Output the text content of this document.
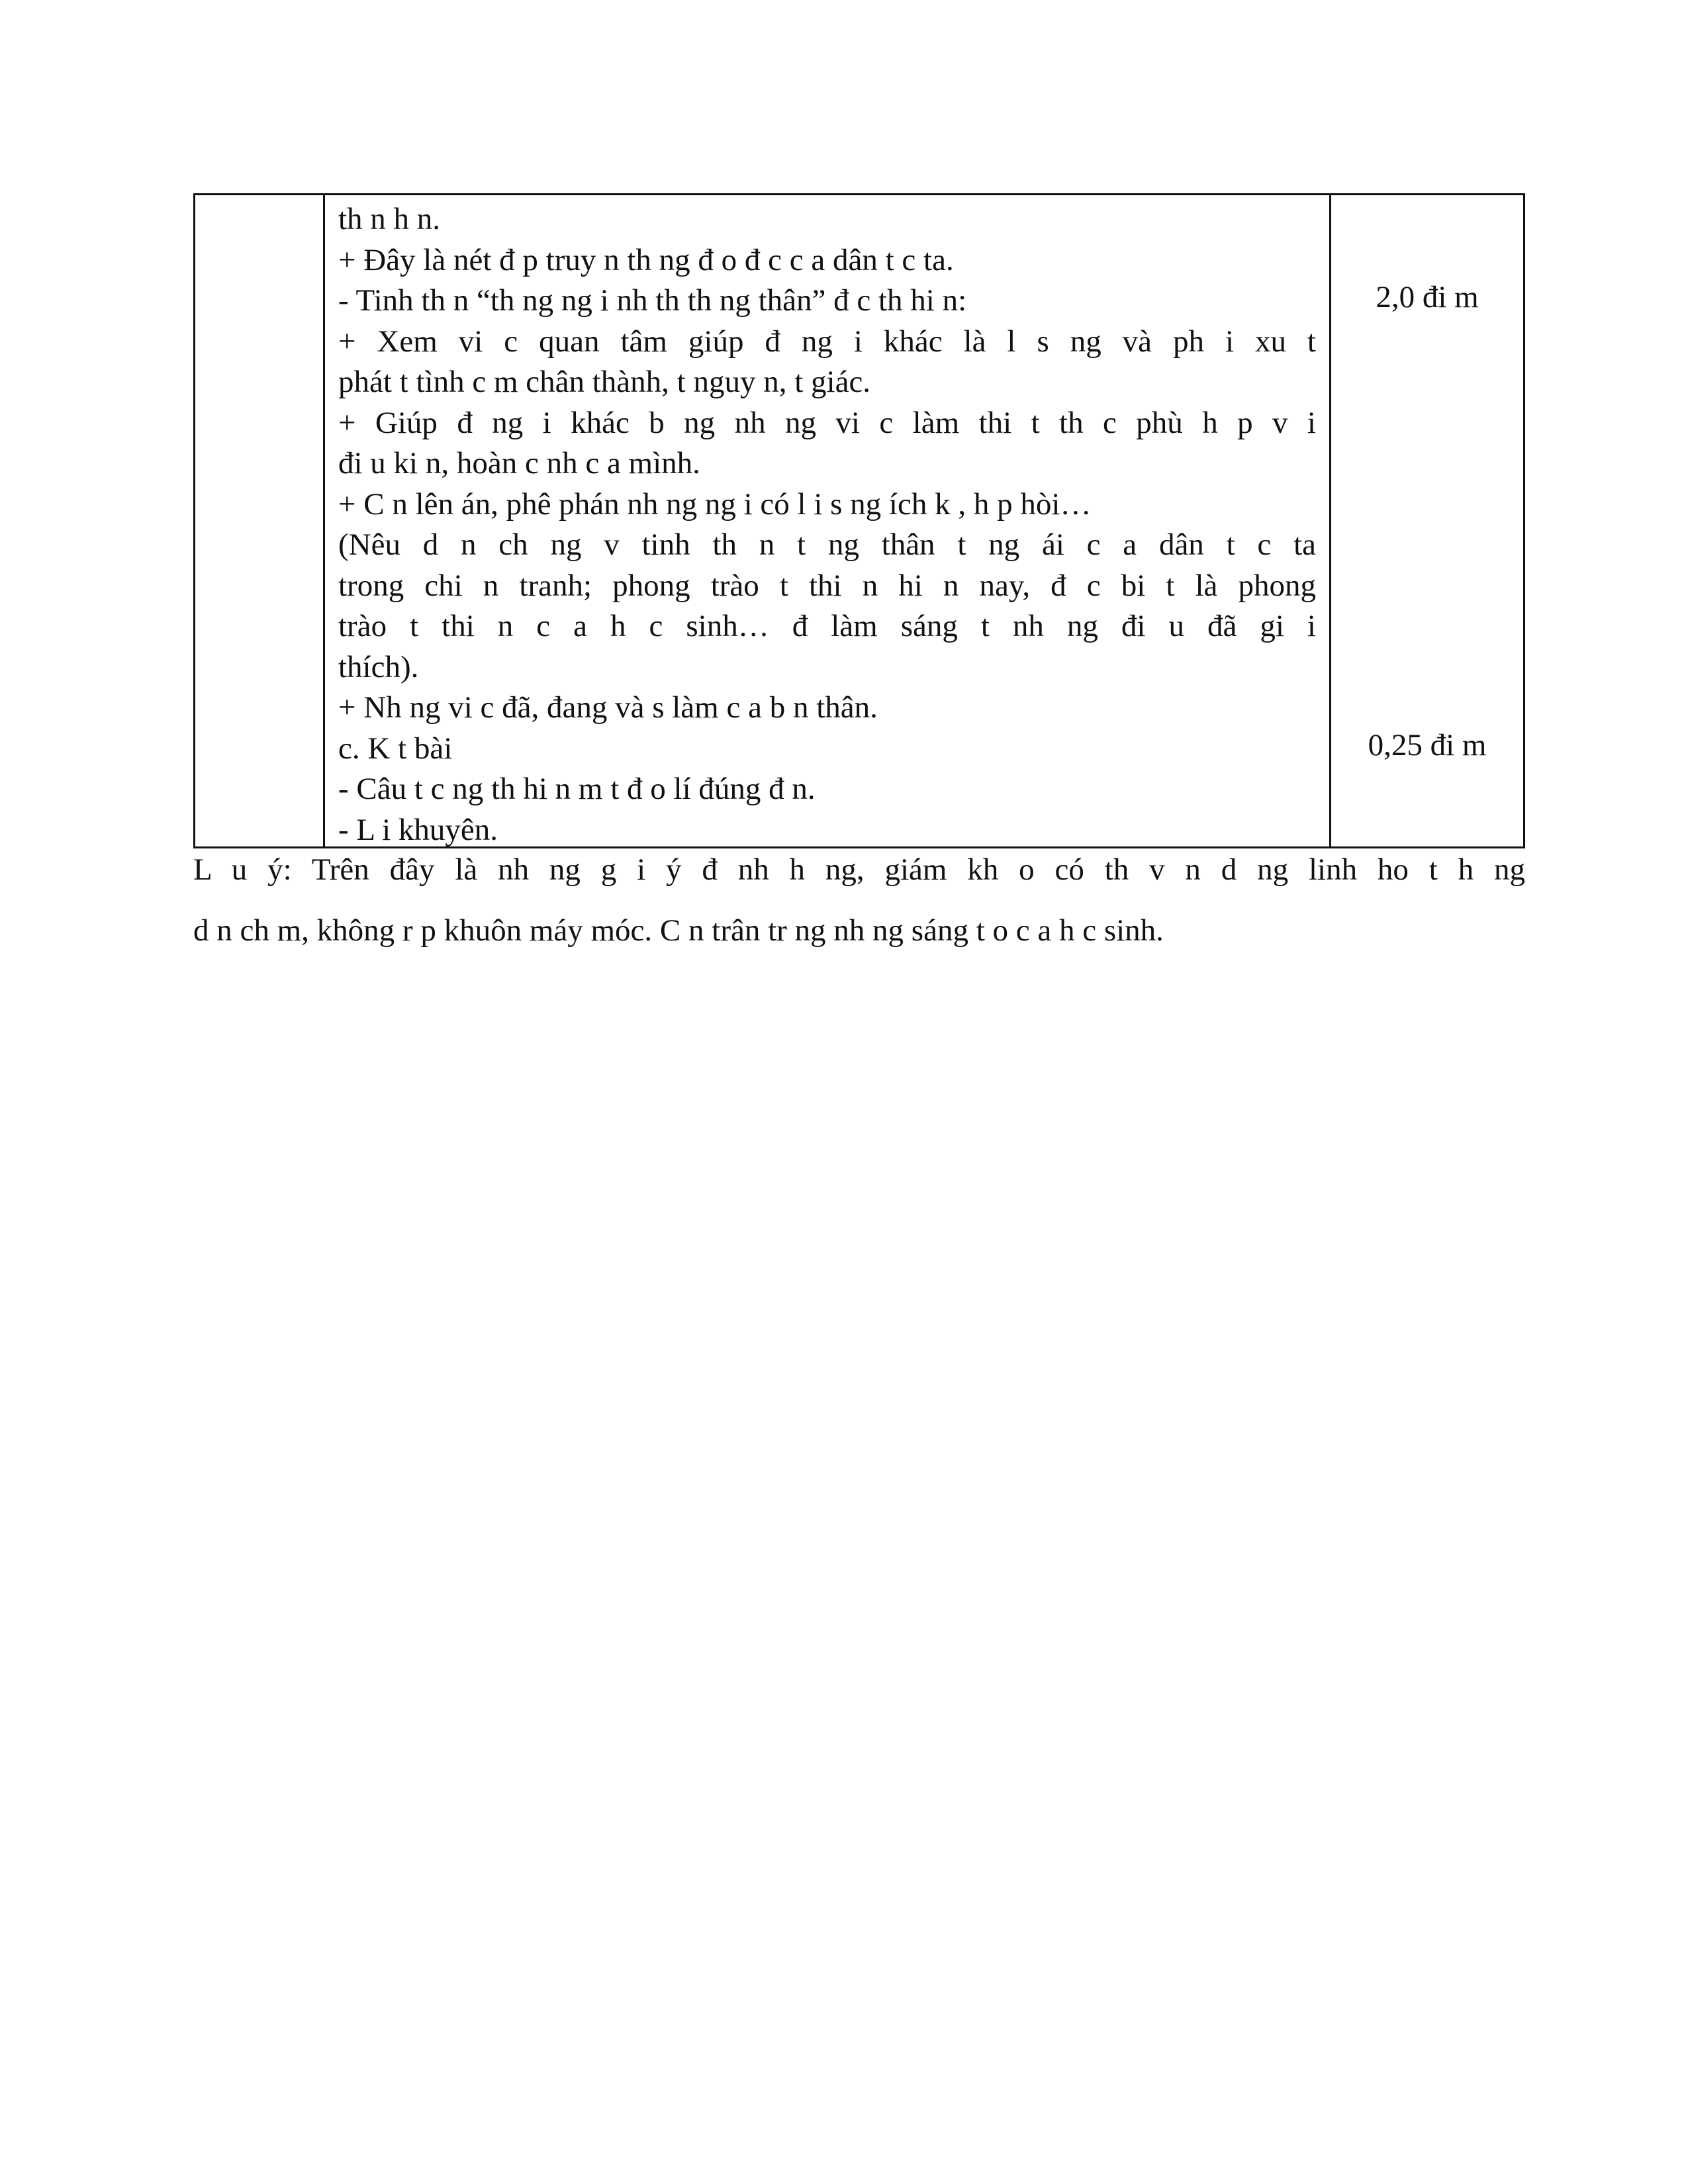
th n h n.
+ Đây là nét đ p truy n th ng đ o đ c c a dân t c ta.
- Tinh th n “th ng ng i nh th th ng thân” đ c th hi n:
+ Xem vi c quan tâm giúp đ ng i khác là l s ng và ph i xu t
phát t tình c m chân thành, t nguy n, t giác.
+ Giúp đ ng i khác b ng nh ng vi c làm thi t th c phù h p v i
đi u ki n, hoàn c nh c a mình.
+ C n lên án, phê phán nh ng ng i có l i s ng ích k , h p hòi…
(Nêu d n ch ng v tinh th n t ng thân t ng ái c a dân t c ta
trong chi n tranh; phong trào t thi n hi n nay, đ c bi t là phong
trào t thi n c a h c sinh… đ làm sáng t nh ng đi u đã gi i
thích).
+ Nh ng vi c đã, đang và s làm c a b n thân.
c. K t bài
- Câu t c ng th hi n m t đ o lí đúng đ n.
- L i khuyên.
2,0 đi m
0,25 đi m
L u ý: Trên đây là nh ng g i ý đ nh h ng, giám kh o có th v n d ng linh ho t h ng
d n ch m, không r p khuôn máy móc. C n trân tr ng nh ng sáng t o c a h c sinh.
